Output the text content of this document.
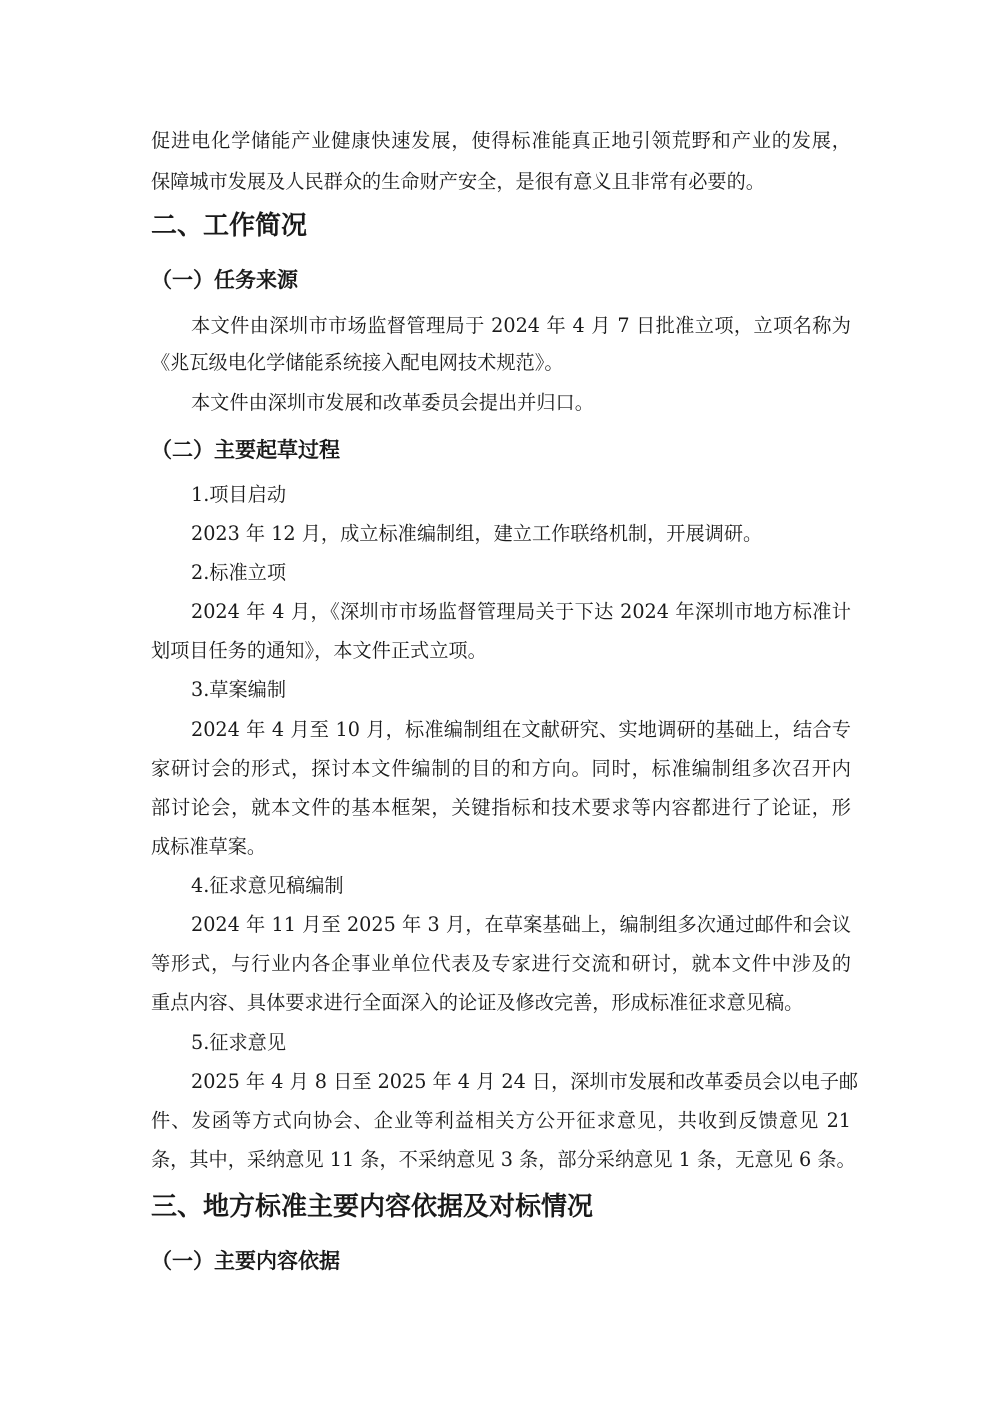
促进电化学储能产业健康快速发展，使得标准能真正地引领荒野和产业的发展，
保障城市发展及人民群众的生命财产安全，是很有意义且非常有必要的。
二、工作简况
（一）任务来源
本文件由深圳市市场监督管理局于 2024 年 4 月 7 日批准立项，立项名称为
《兆瓦级电化学储能系统接入配电网技术规范》。
本文件由深圳市发展和改革委员会提出并归口。
（二）主要起草过程
1.项目启动
2023 年 12 月，成立标准编制组，建立工作联络机制，开展调研。
2.标准立项
2024 年 4 月，《深圳市市场监督管理局关于下达 2024 年深圳市地方标准计
划项目任务的通知》，本文件正式立项。
3.草案编制
2024 年 4 月至 10 月，标准编制组在文献研究、实地调研的基础上，结合专
家研讨会的形式，探讨本文件编制的目的和方向。同时，标准编制组多次召开内
部讨论会，就本文件的基本框架，关键指标和技术要求等内容都进行了论证，形
成标准草案。
4.征求意见稿编制
2024 年 11 月至 2025 年 3 月，在草案基础上，编制组多次通过邮件和会议
等形式，与行业内各企事业单位代表及专家进行交流和研讨，就本文件中涉及的
重点内容、具体要求进行全面深入的论证及修改完善，形成标准征求意见稿。
5.征求意见
2025 年 4 月 8 日至 2025 年 4 月 24 日，深圳市发展和改革委员会以电子邮
件、发函等方式向协会、企业等利益相关方公开征求意见，共收到反馈意见 21
条，其中，采纳意见 11 条，不采纳意见 3 条，部分采纳意见 1 条，无意见 6 条。
三、地方标准主要内容依据及对标情况
（一）主要内容依据
